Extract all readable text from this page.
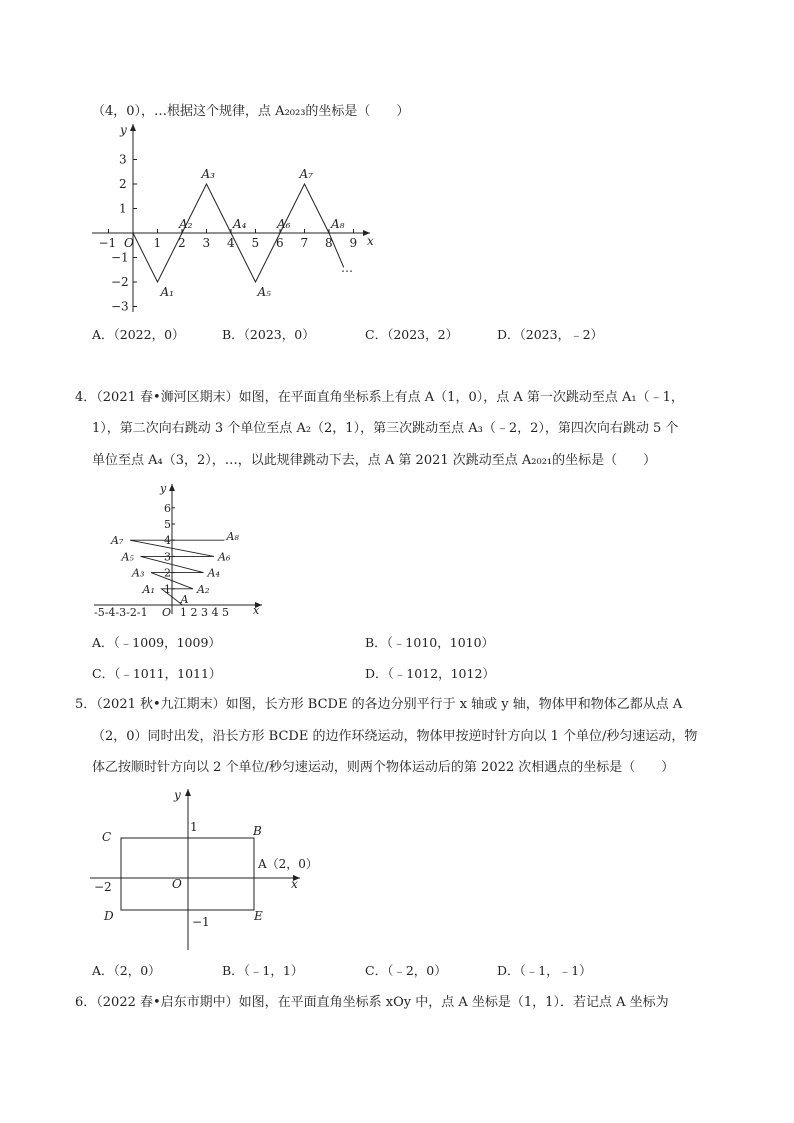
（4，0），…根据这个规律，点 A₂₀₂₃的坐标是（　　）
y
x
O
3
2
1
−1
−2
−3
−1	1 2 3 4 5 6 7 8 9
A₁
A₂
A₃
A₄
A₅
A₆
A₇
A₈
…
A．（2022，0）	B．（2023，0）	C．（2023，2）	D．（2023，﹣2）
4．（2021 春•浉河区期末）如图，在平面直角坐标系上有点 A（1，0），点 A 第一次跳动至点 A₁（﹣1，
1），第二次向右跳动 3 个单位至点 A₂（2，1），第三次跳动至点 A₃（﹣2，2），第四次向右跳动 5 个
单位至点 A₄（3，2），…，以此规律跳动下去，点 A 第 2021 次跳动至点 A₂₀₂₁的坐标是（　　）
y
x
O
-5-4-3-2-1	1 2 3 4 5
6
5
4
3
2
1
A
A₁	A₂
A₃	A₄
A₅	A₆
A₇	A₈
A．（﹣1009，1009）	B．（﹣1010，1010）
C．（﹣1011，1011）	D．（﹣1012，1012）
5．（2021 秋•九江期末）如图，长方形 BCDE 的各边分别平行于 x 轴或 y 轴，物体甲和物体乙都从点 A
（2，0）同时出发，沿长方形 BCDE 的边作环绕运动，物体甲按逆时针方向以 1 个单位/秒匀速运动，物
体乙按顺时针方向以 2 个单位/秒匀速运动，则两个物体运动后的第 2022 次相遇点的坐标是（　　）
y
x
O
C	B
D	E
A（2，0）
1
−2
−1
A．（2，0）	B．（﹣1，1）	C．（﹣2，0）	D．（﹣1，﹣1）
6．（2022 春•启东市期中）如图，在平面直角坐标系 xOy 中，点 A 坐标是（1，1）．若记点 A 坐标为
